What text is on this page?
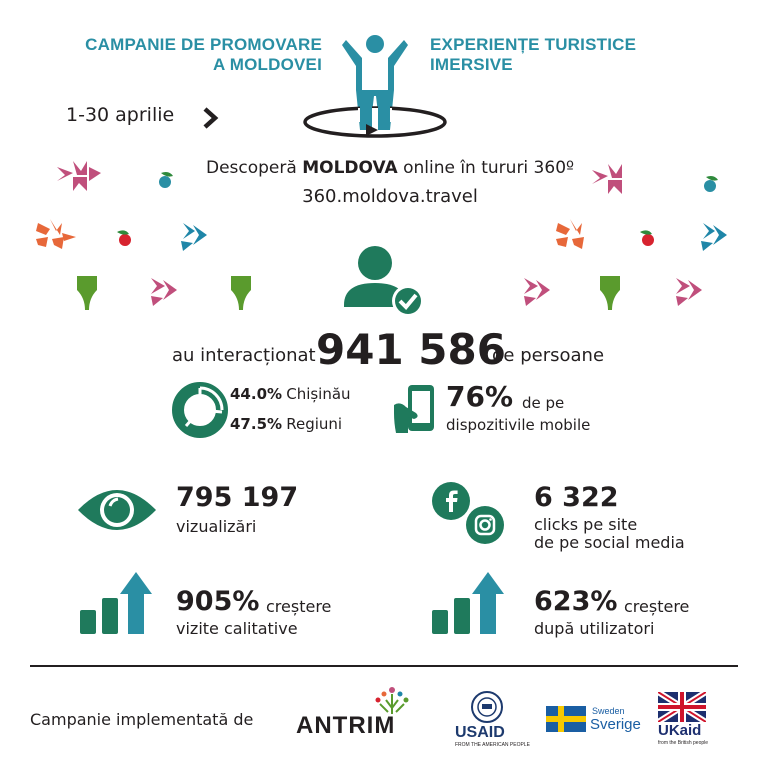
CAMPANIE DE PROMOVARE
A MOLDOVEI
EXPERIENȚE TURISTICE
IMERSIVE
1-30 aprilie
Descoperă MOLDOVA online în tururi 360º
360.moldova.travel
au interacționat 941 586
de persoane
44.0% Chișinău
47.5% Regiuni
76% de pe
dispozitivile mobile
795 197
vizualizări
6 322
clicks pe site
de pe social media
905% creștere
vizite calitative
623% creștere
după utilizatori
Campanie implementată de ANTRIM	USAID
FROM THE AMERICAN PEOPLE
Sweden
Sverige UKaid
from the British people
